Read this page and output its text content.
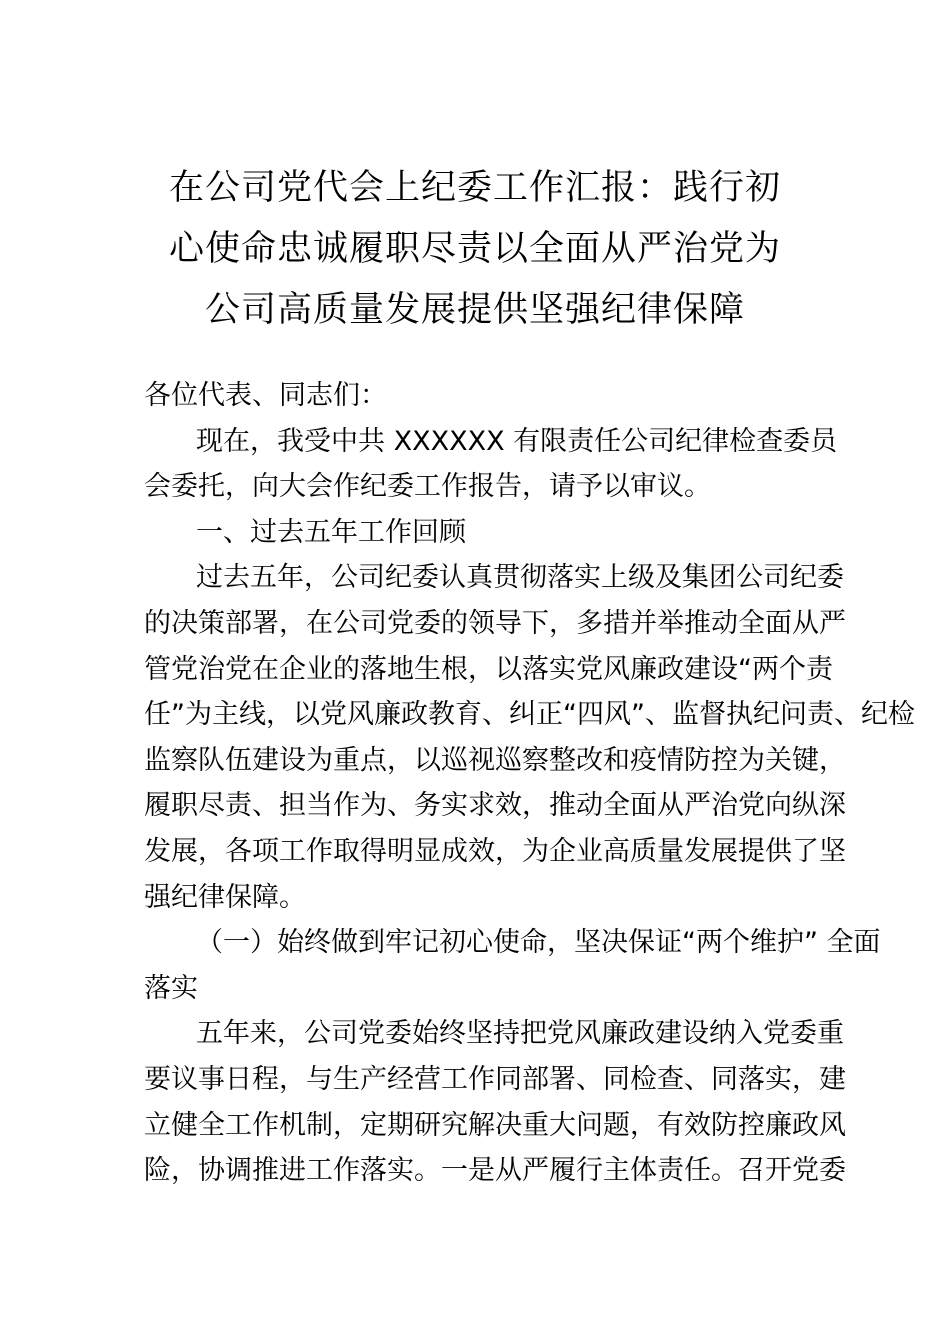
在公司党代会上纪委工作汇报：践行初
心使命忠诚履职尽责以全面从严治党为
公司高质量发展提供坚强纪律保障
各位代表、同志们：
现在，我受中共 XXXXXX 有限责任公司纪律检查委员
会委托，向大会作纪委工作报告，请予以审议。
一、过去五年工作回顾
过去五年，公司纪委认真贯彻落实上级及集团公司纪委
的决策部署，在公司党委的领导下，多措并举推动全面从严
管党治党在企业的落地生根，以落实党风廉政建设“两个责
任”为主线，以党风廉政教育、纠正“四风”、监督执纪问责、纪检
监察队伍建设为重点，以巡视巡察整改和疫情防控为关键，
履职尽责、担当作为、务实求效，推动全面从严治党向纵深
发展，各项工作取得明显成效，为企业高质量发展提供了坚
强纪律保障。
（一）始终做到牢记初心使命，坚决保证“两个维护” 全面
落实
五年来，公司党委始终坚持把党风廉政建设纳入党委重
要议事日程，与生产经营工作同部署、同检查、同落实，建
立健全工作机制，定期研究解决重大问题，有效防控廉政风
险，协调推进工作落实。一是从严履行主体责任。召开党委
